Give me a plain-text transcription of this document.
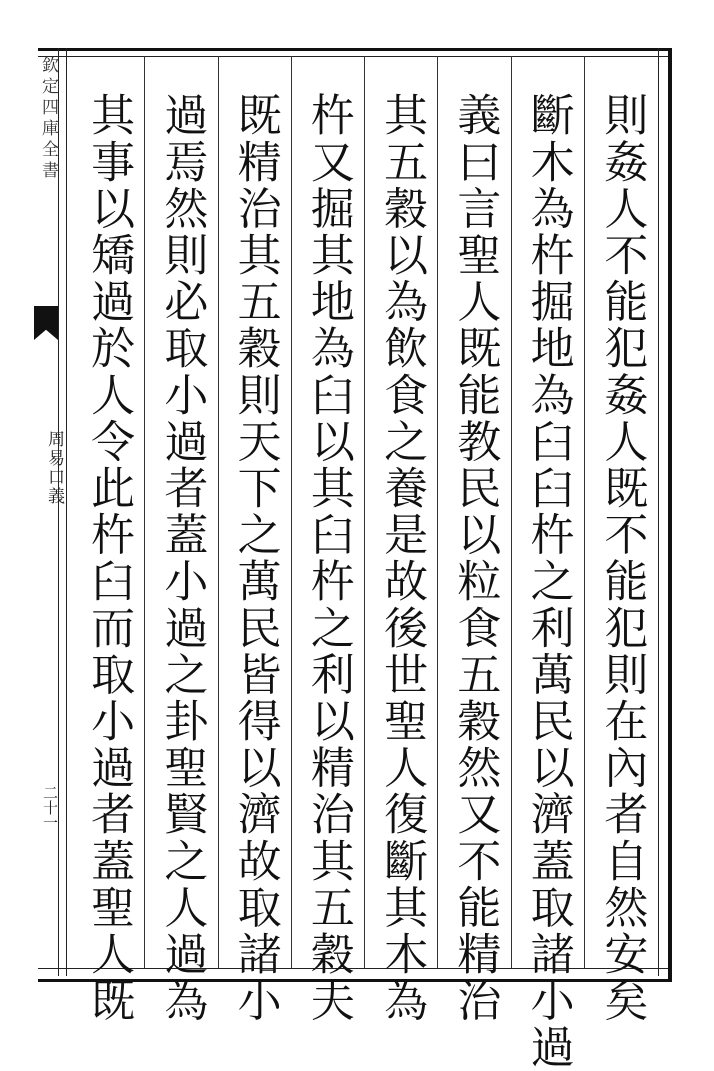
欽定四庫全書
周易口義
二十一	則姦人不能犯姦人既不能犯則在內者自然安矣
斷木為杵掘地為臼臼杵之利萬民以濟蓋取諸小過
義曰言聖人既能教民以粒食五穀然又不能精治
其五穀以為飲食之養是故後世聖人復斷其木為
杵又掘其地為臼以其臼杵之利以精治其五穀夫
既精治其五穀則天下之萬民皆得以濟故取諸小
過焉然則必取小過者蓋小過之卦聖賢之人過為
其事以矯過於人令此杵臼而取小過者蓋聖人既
